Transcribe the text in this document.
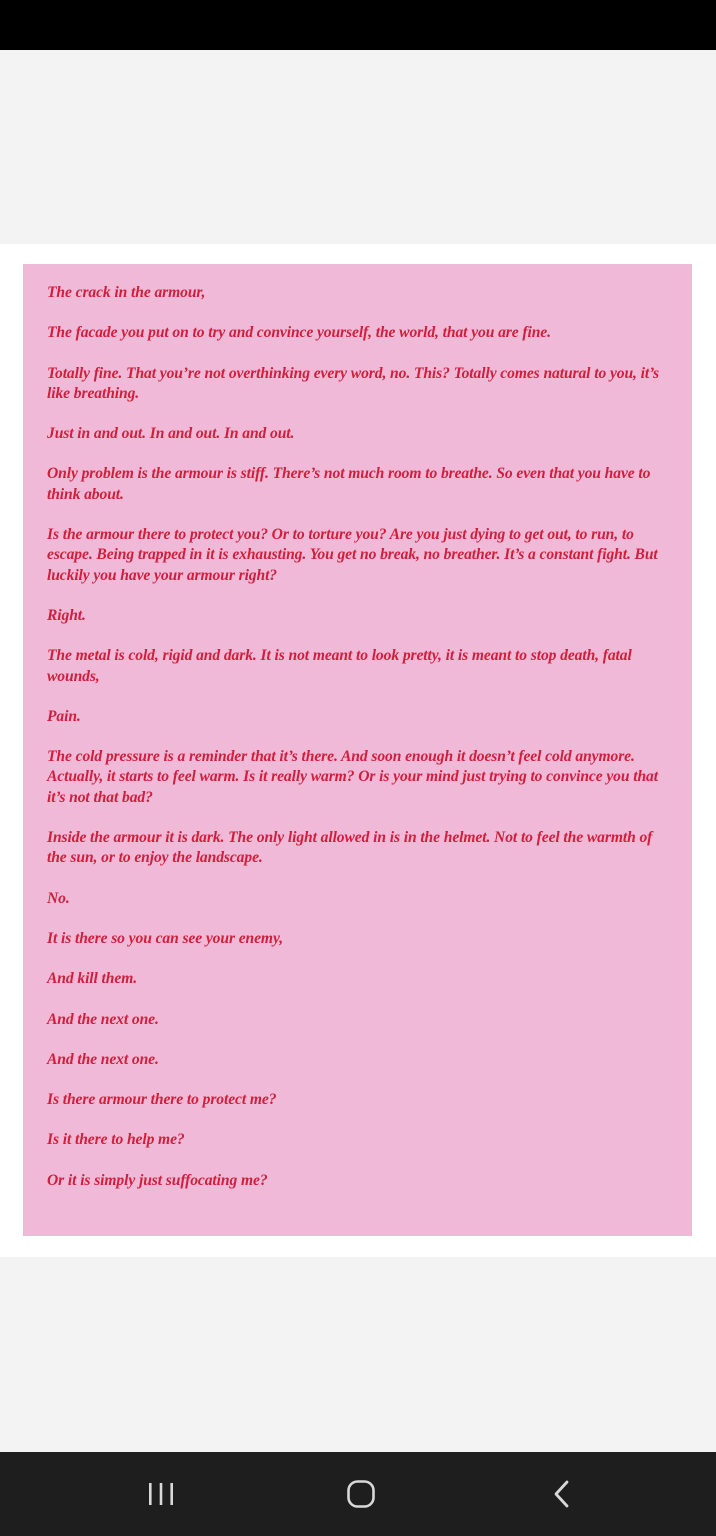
The crack in the armour,

The facade you put on to try and convince yourself, the world, that you are fine.

Totally fine. That you’re not overthinking every word, no. This? Totally comes natural to you, it’s like breathing.

Just in and out. In and out. In and out.

Only problem is the armour is stiff. There’s not much room to breathe. So even that you have to think about.

Is the armour there to protect you? Or to torture you? Are you just dying to get out, to run, to escape. Being trapped in it is exhausting. You get no break, no breather. It’s a constant fight. But luckily you have your armour right?

Right.

The metal is cold, rigid and dark. It is not meant to look pretty, it is meant to stop death, fatal wounds,

Pain.

The cold pressure is a reminder that it’s there. And soon enough it doesn’t feel cold anymore. Actually, it starts to feel warm. Is it really warm? Or is your mind just trying to convince you that it’s not that bad?

Inside the armour it is dark. The only light allowed in is in the helmet. Not to feel the warmth of the sun, or to enjoy the landscape.

No.

It is there so you can see your enemy,

And kill them.

And the next one.

And the next one.

Is there armour there to protect me?

Is it there to help me?

Or it is simply just suffocating me?
